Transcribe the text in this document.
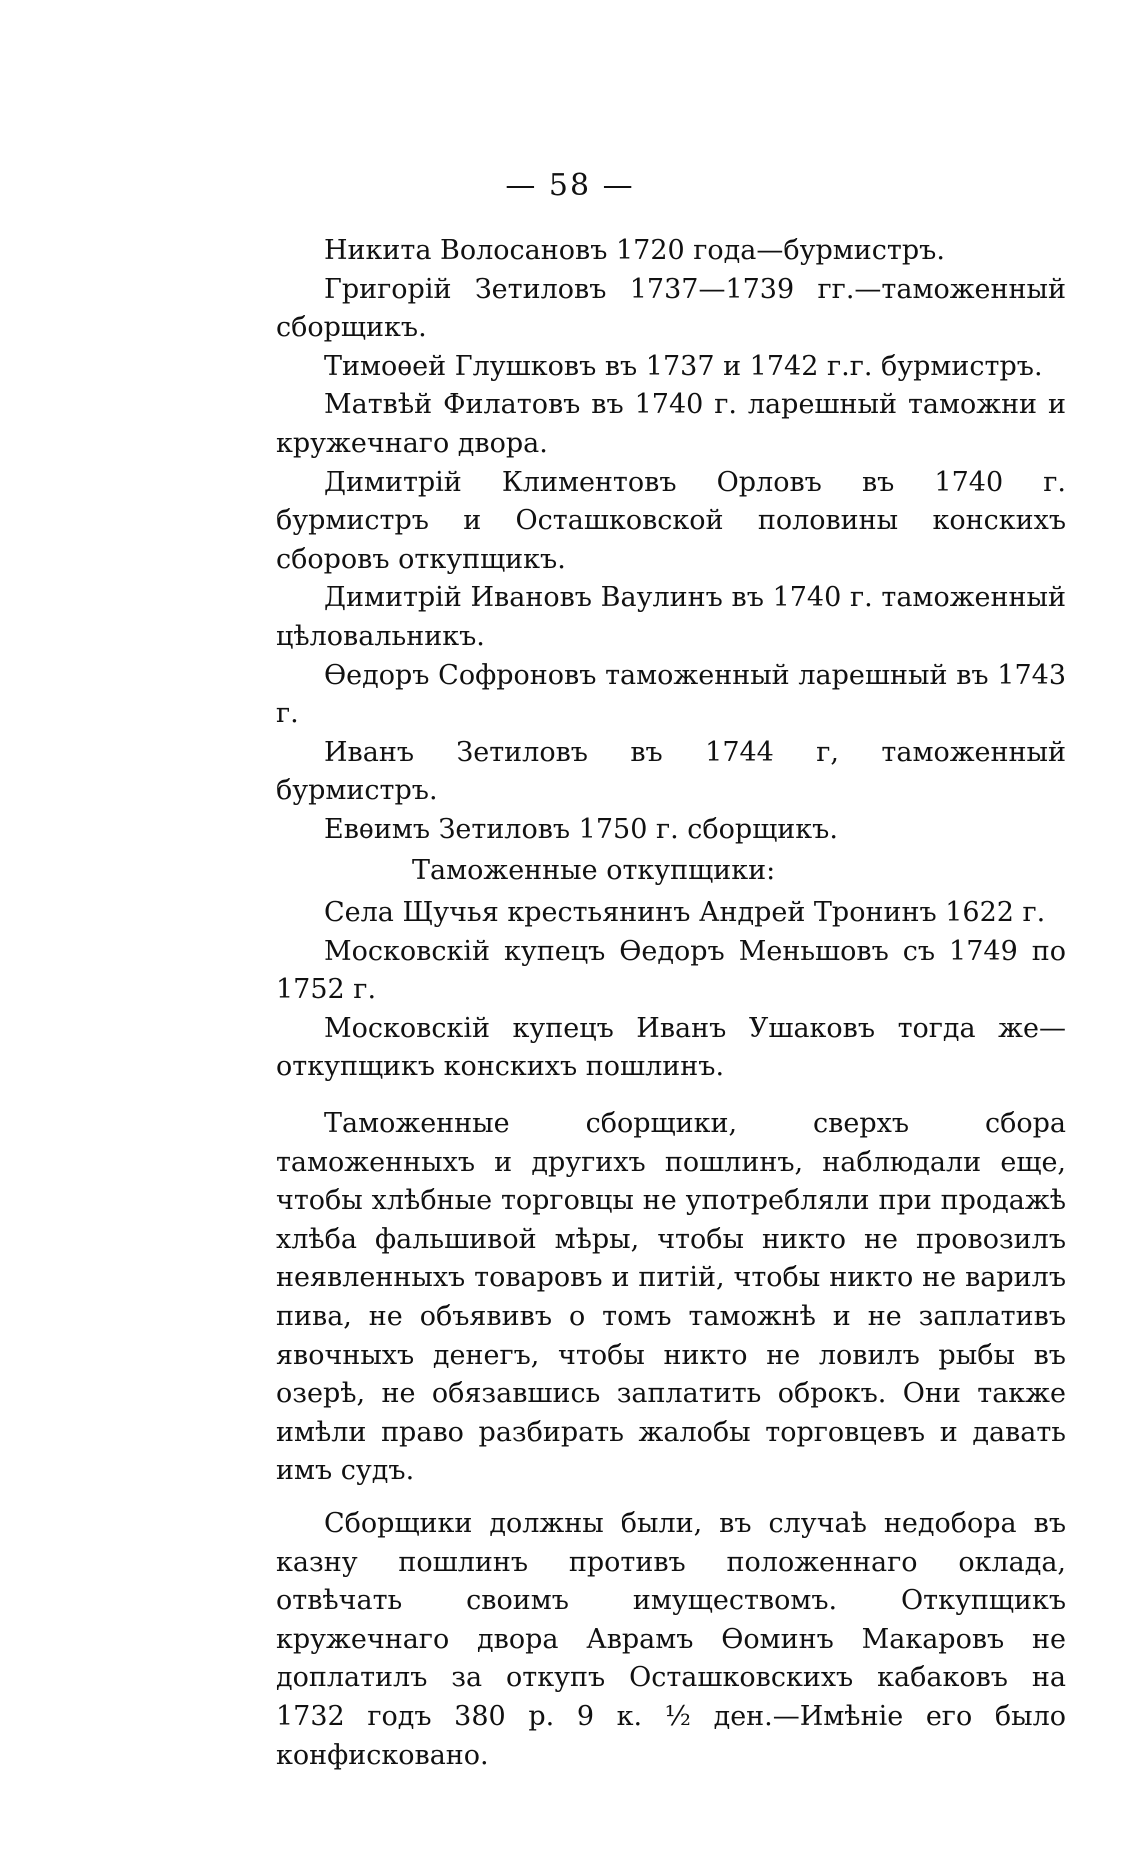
— 58 —

Никита Волосановъ 1720 года—бурмистръ.

Григорій Зетиловъ 1737—1739 гг.—таможенный сборщикъ.

Тимоѳей Глушковъ въ 1737 и 1742 г.г. бурмистръ.

Матвѣй Филатовъ въ 1740 г. ларешный таможни и кружечнаго двора.

Димитрій Климентовъ Орловъ въ 1740 г. бурмистръ и Осташковской половины конскихъ сборовъ откупщикъ.

Димитрій Ивановъ Ваулинъ въ 1740 г. таможенный цѣловальникъ.

Ѳедоръ Софроновъ таможенный ларешный въ 1743 г.

Иванъ Зетиловъ въ 1744 г, таможенный бурмистръ.

Евѳимъ Зетиловъ 1750 г. сборщикъ.

Таможенные откупщики:

Села Щучья крестьянинъ Андрей Тронинъ 1622 г.

Московскій купецъ Ѳедоръ Меньшовъ съ 1749 по 1752 г.

Московскій купецъ Иванъ Ушаковъ тогда же—откупщикъ конскихъ пошлинъ.

Таможенные сборщики, сверхъ сбора таможенныхъ и другихъ пошлинъ, наблюдали еще, чтобы хлѣбные торговцы не употребляли при продажѣ хлѣба фальшивой мѣры, чтобы никто не провозилъ неявленныхъ товаровъ и питій, чтобы никто не варилъ пива, не объявивъ о томъ таможнѣ и не заплативъ явочныхъ денегъ, чтобы никто не ловилъ рыбы въ озерѣ, не обязавшись заплатить оброкъ. Они также имѣли право разбирать жалобы торговцевъ и давать имъ судъ.

Сборщики должны были, въ случаѣ недобора въ казну пошлинъ противъ положеннаго оклада, отвѣчать своимъ имуществомъ. Откупщикъ кружечнаго двора Аврамъ Ѳоминъ Макаровъ не доплатилъ за откупъ Осташковскихъ кабаковъ на 1732 годъ 380 р. 9 к. ½ ден.—Имѣніе его было конфисковано.
